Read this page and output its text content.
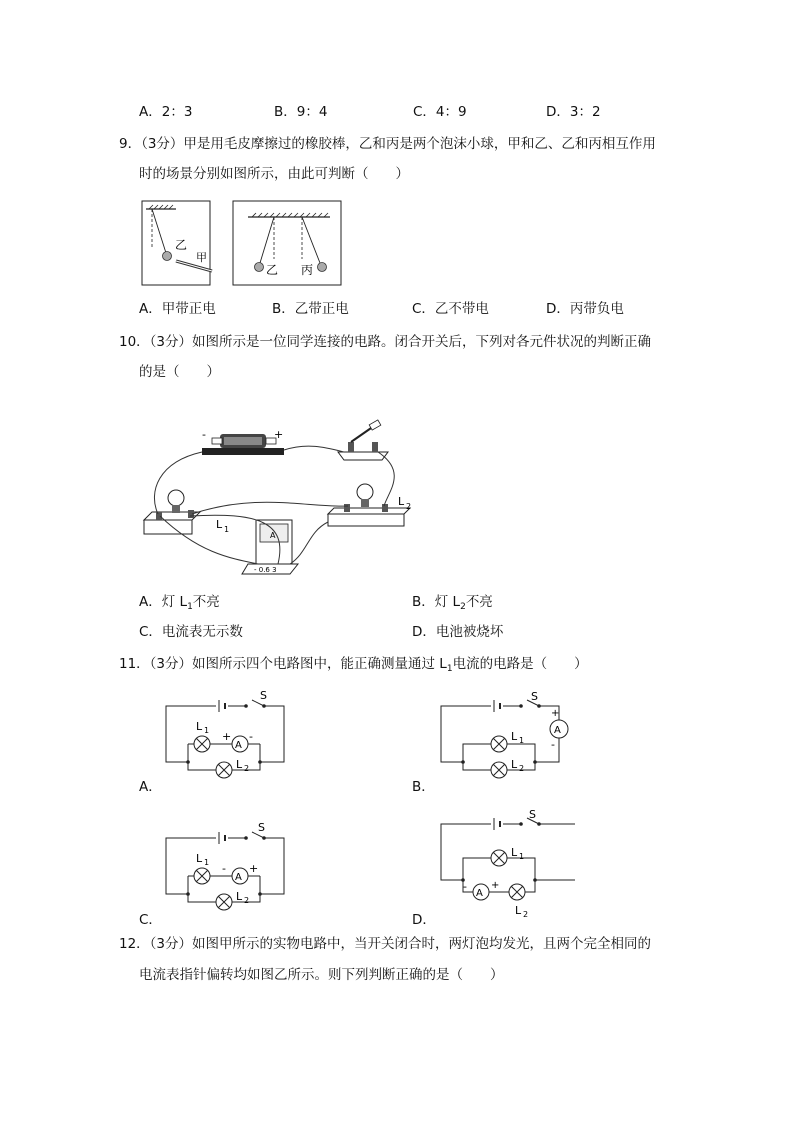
A．2：3	B．9：4	C．4：9	D．3：2
9．（3分）甲是用毛皮摩擦过的橡胶棒，乙和丙是两个泡沫小球，甲和乙、乙和丙相互作用
时的场景分别如图所示，由此可判断（　　）
乙
甲
乙 丙
A．甲带正电	B．乙带正电	C．乙不带电	D．丙带负电
10．（3分）如图所示是一位同学连接的电路。闭合开关后，下列对各元件状况的判断正确
的是（　　）
-	+
L 1
L 2
A
- 0.6 3
A．灯 $L_1$不亮	B．灯 $L_2$不亮
C．电流表无示数	D．电池被烧坏
11．（3分）如图所示四个电路图中，能正确测量通过 $L_1$电流的电路是（　　）
A
S
L 1 + -
L 2
A．
A
S
+
-
L 1
L 2
B．
A
S
L 1 - +
L 2
C．
A
S
- +
L 1
L 2
D．
12．（3分）如图甲所示的实物电路中，当开关闭合时，两灯泡均发光，且两个完全相同的
电流表指针偏转均如图乙所示。则下列判断正确的是（　　）
